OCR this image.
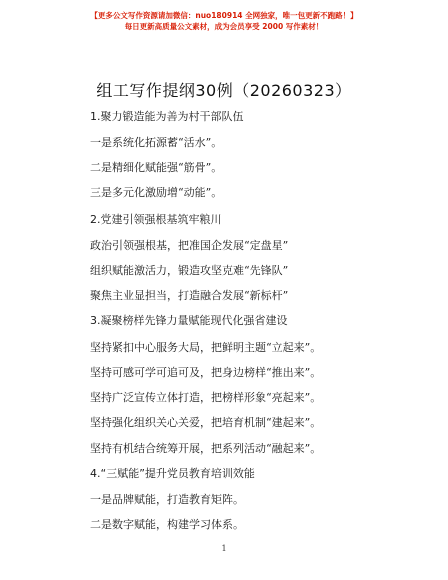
【更多公文写作资源请加微信：nuo180914 全网独家，唯一包更新不跑路！】
每日更新高质量公文素材，成为会员享受 2000 写作素材！
组工写作提纲30例（20260323）
1.聚力锻造能为善为村干部队伍
一是系统化拓源蓄“活水”。
二是精细化赋能强“筋骨”。
三是多元化激励增“动能”。
2.党建引领强根基筑牢粮川
政治引领强根基，把准国企发展“定盘星”
组织赋能激活力，锻造攻坚克难“先锋队”
聚焦主业显担当，打造融合发展“新标杆”
3.凝聚榜样先锋力量赋能现代化强省建设
坚持紧扣中心服务大局，把鲜明主题“立起来”。
坚持可感可学可追可及，把身边榜样“推出来”。
坚持广泛宣传立体打造，把榜样形象“亮起来”。
坚持强化组织关心关爱，把培育机制“建起来”。
坚持有机结合统筹开展，把系列活动“融起来”。
4.“三赋能”提升党员教育培训效能
一是品牌赋能，打造教育矩阵。
二是数字赋能，构建学习体系。
1
